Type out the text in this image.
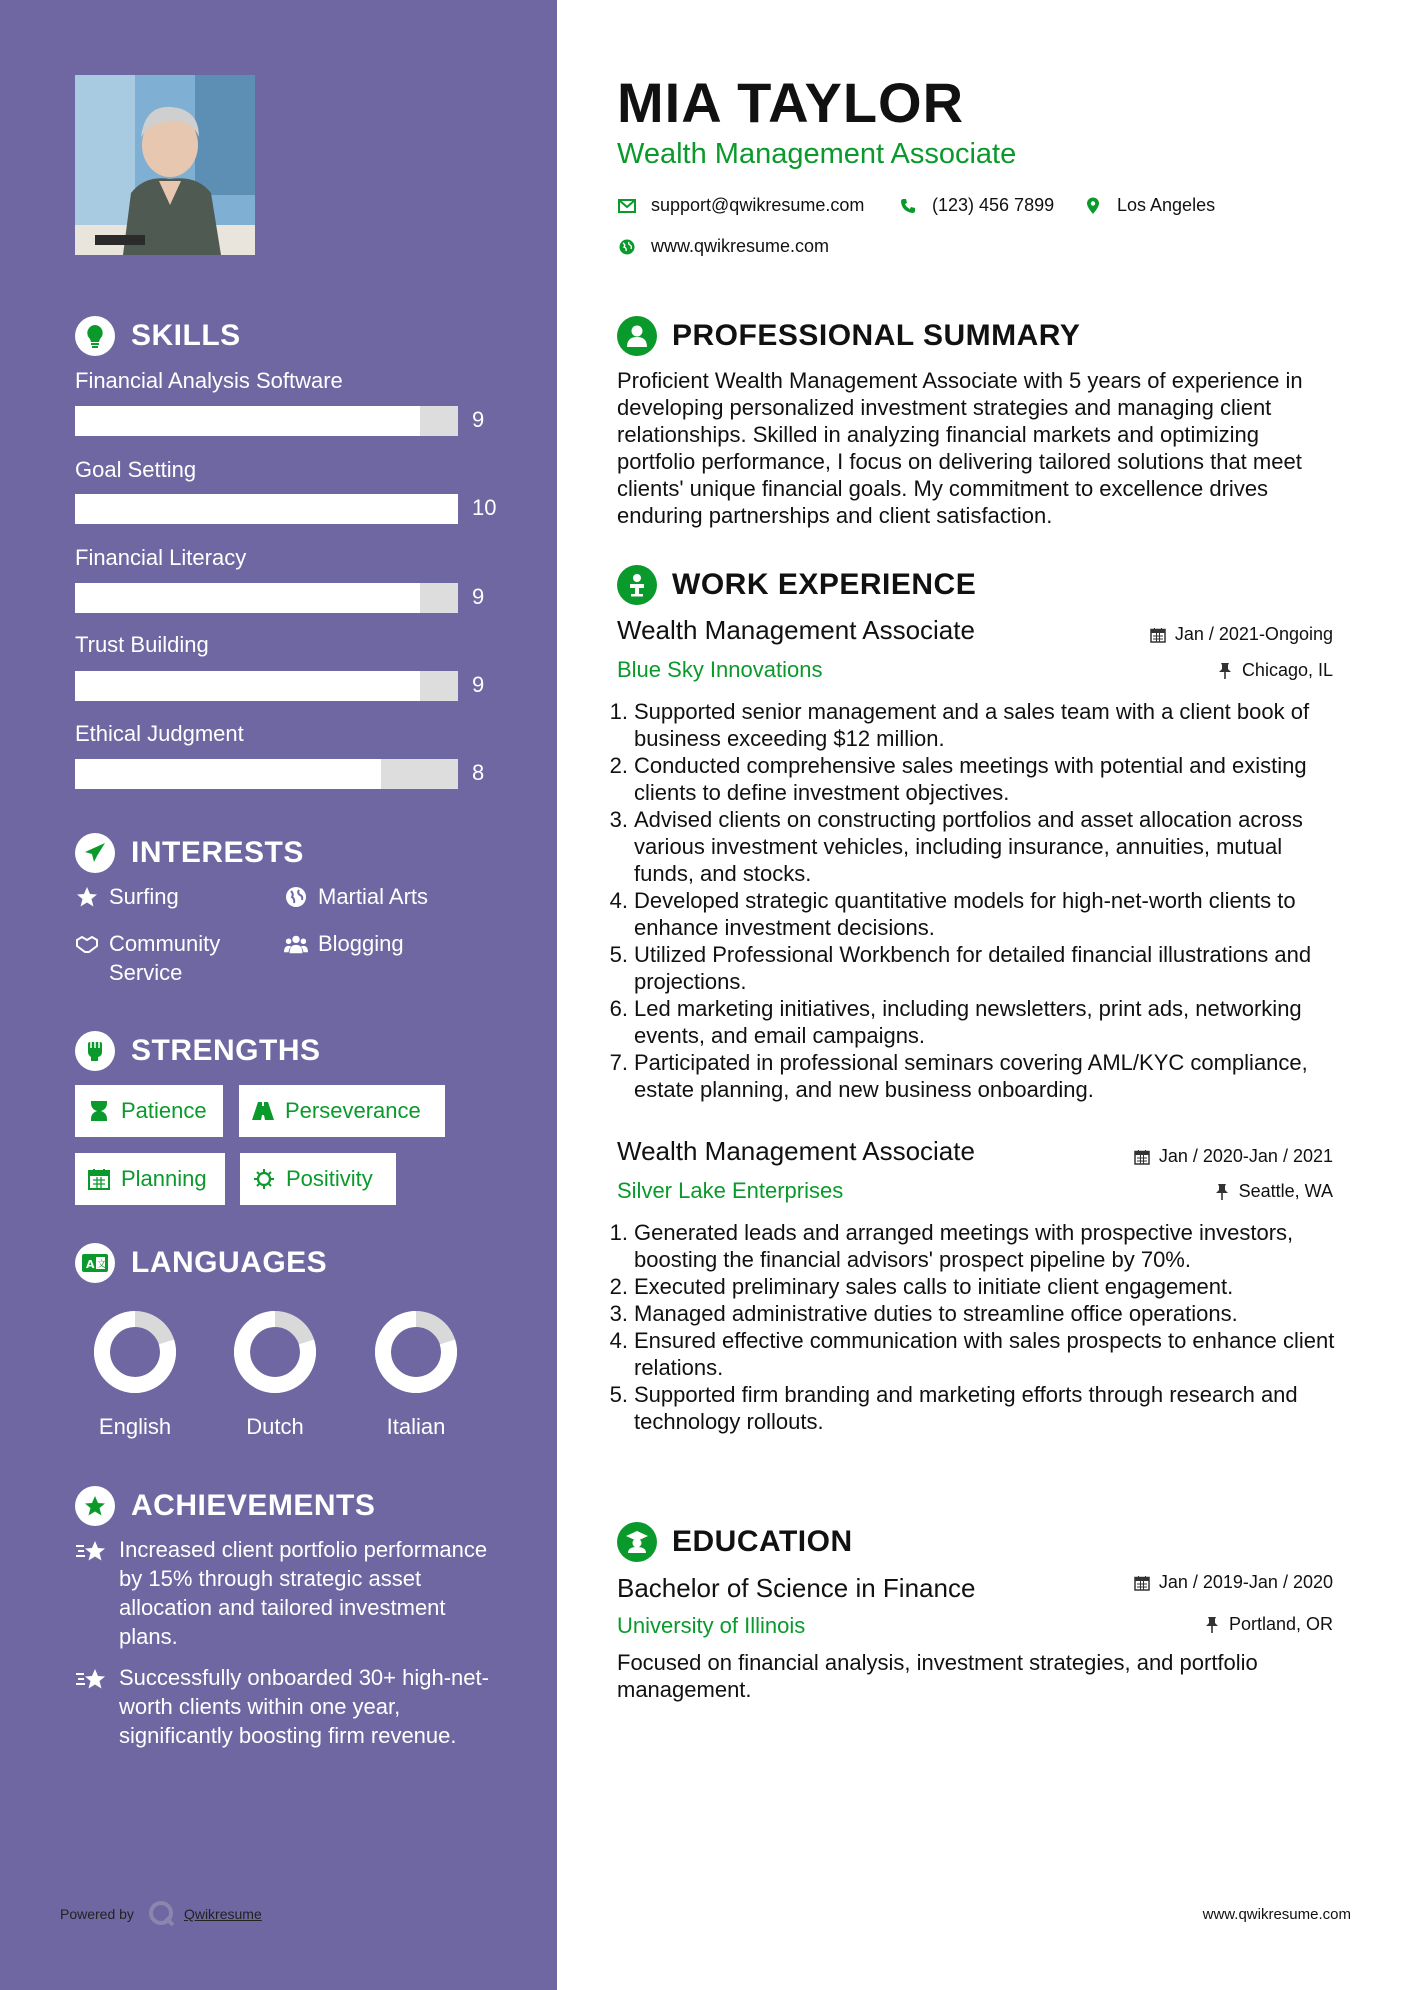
SKILLS
Financial Analysis Software
9
Goal Setting
10
Financial Literacy
9
Trust Building
9
Ethical Judgment
8
INTERESTS
Surfing	Martial Arts
Community
Service
Blogging
STRENGTHS
Patience	Perseverance
Planning	Positivity
A 文 LANGUAGES
English	Dutch	Italian
ACHIEVEMENTS
Increased client portfolio performance by 15% through strategic asset allocation and tailored investment plans.
Successfully onboarded 30+ high-net-worth clients within one year, significantly boosting firm revenue.
Powered by	Qwikresume
MIA TAYLOR
Wealth Management Associate
support@qwikresume.com	(123) 456 7899	Los Angeles
www.qwikresume.com
PROFESSIONAL SUMMARY
Proficient Wealth Management Associate with 5 years of experience in developing personalized investment strategies and managing client relationships. Skilled in analyzing financial markets and optimizing portfolio performance, I focus on delivering tailored solutions that meet clients' unique financial goals. My commitment to excellence drives enduring partnerships and client satisfaction.
WORK EXPERIENCE
Wealth Management Associate	Jan / 2021-Ongoing
Blue Sky Innovations	Chicago, IL
1. Supported senior management and a sales team with a client book of business exceeding $12 million.
2. Conducted comprehensive sales meetings with potential and existing clients to define investment objectives.
3. Advised clients on constructing portfolios and asset allocation across various investment vehicles, including insurance, annuities, mutual funds, and stocks.
4. Developed strategic quantitative models for high-net-worth clients to enhance investment decisions.
5. Utilized Professional Workbench for detailed financial illustrations and projections.
6. Led marketing initiatives, including newsletters, print ads, networking events, and email campaigns.
7. Participated in professional seminars covering AML/KYC compliance, estate planning, and new business onboarding.
Wealth Management Associate	Jan / 2020-Jan / 2021
Silver Lake Enterprises	Seattle, WA
1. Generated leads and arranged meetings with prospective investors, boosting the financial advisors' prospect pipeline by 70%.
2. Executed preliminary sales calls to initiate client engagement.
3. Managed administrative duties to streamline office operations.
4. Ensured effective communication with sales prospects to enhance client relations.
5. Supported firm branding and marketing efforts through research and technology rollouts.
EDUCATION
Bachelor of Science in Finance	Jan / 2019-Jan / 2020
University of Illinois	Portland, OR
Focused on financial analysis, investment strategies, and portfolio management.
www.qwikresume.com
